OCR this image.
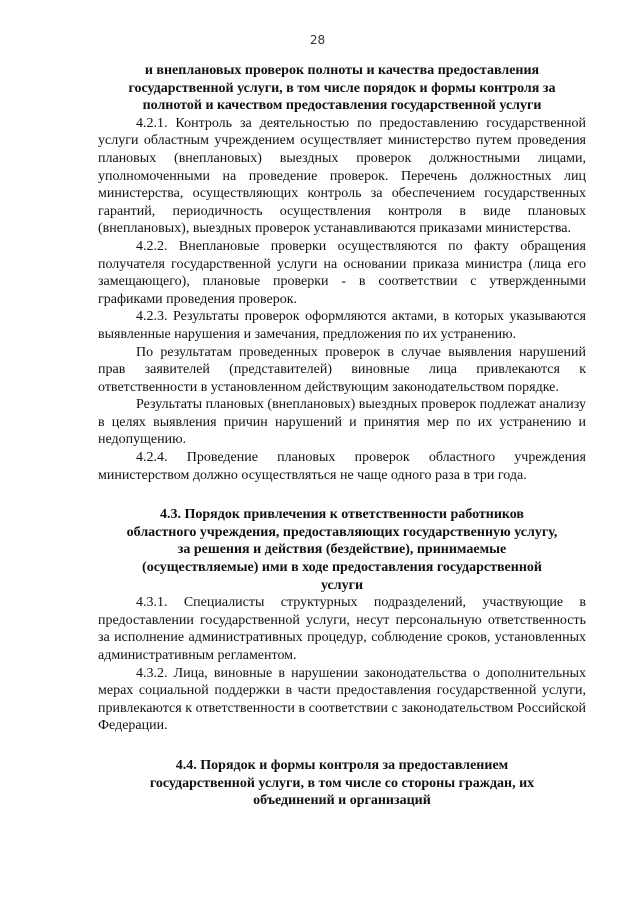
28

и внеплановых проверок полноты и качества предоставления государственной услуги, в том числе порядок и формы контроля за полнотой и качеством предоставления государственной услуги

4.2.1. Контроль за деятельностью по предоставлению государственной услуги областным учреждением осуществляет министерство путем проведения плановых (внеплановых) выездных проверок должностными лицами, уполномоченными на проведение проверок. Перечень должностных лиц министерства, осуществляющих контроль за обеспечением государственных гарантий, периодичность осуществления контроля в виде плановых (внеплановых), выездных проверок устанавливаются приказами министерства.

4.2.2. Внеплановые проверки осуществляются по факту обращения получателя государственной услуги на основании приказа министра (лица его замещающего), плановые проверки - в соответствии с утвержденными графиками проведения проверок.

4.2.3. Результаты проверок оформляются актами, в которых указываются выявленные нарушения и замечания, предложения по их устранению.

По результатам проведенных проверок в случае выявления нарушений прав заявителей (представителей) виновные лица привлекаются к ответственности в установленном действующим законодательством порядке.

Результаты плановых (внеплановых) выездных проверок подлежат анализу в целях выявления причин нарушений и принятия мер по их устранению и недопущению.

4.2.4. Проведение плановых проверок областного учреждения министерством должно осуществляться не чаще одного раза в три года.

4.3. Порядок привлечения к ответственности работников областного учреждения, предоставляющих государственную услугу, за решения и действия (бездействие), принимаемые (осуществляемые) ими в ходе предоставления государственной услуги

4.3.1. Специалисты структурных подразделений, участвующие в предоставлении государственной услуги, несут персональную ответственность за исполнение административных процедур, соблюдение сроков, установленных административным регламентом.

4.3.2. Лица, виновные в нарушении законодательства о дополнительных мерах социальной поддержки в части предоставления государственной услуги, привлекаются к ответственности в соответствии с законодательством Российской Федерации.

4.4. Порядок и формы контроля за предоставлением государственной услуги, в том числе со стороны граждан, их объединений и организаций
